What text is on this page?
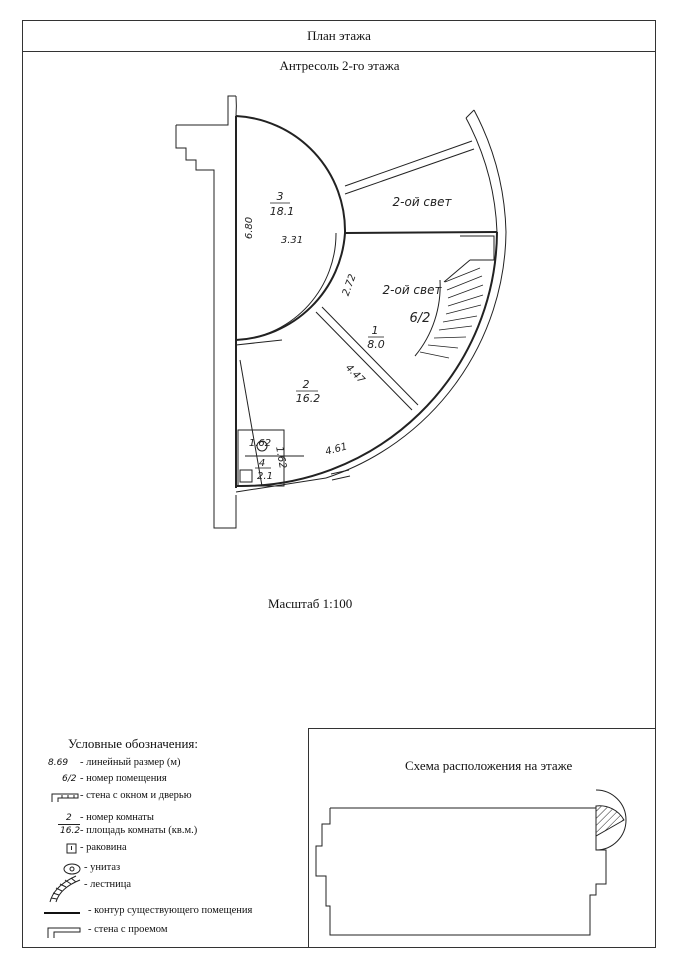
План этажа
Антресоль 2-го этажа
3
18.1
1
8.0
2
16.2
4
2.1
2-ой свет
2-ой свет
6/2
6.80
3.31
2.72
4.47
4.61
1.62
1.62
Масштаб 1:100
Условные обозначения:
8.69 - линейный размер (м)
6/2 - номер помещения
- стена с окном и дверью
2 - номер комнаты
16.2 - площадь комнаты (кв.м.)
- раковина
- унитаз
- лестница
- контур существующего помещения
- стена с проемом
Схема расположения на этаже
